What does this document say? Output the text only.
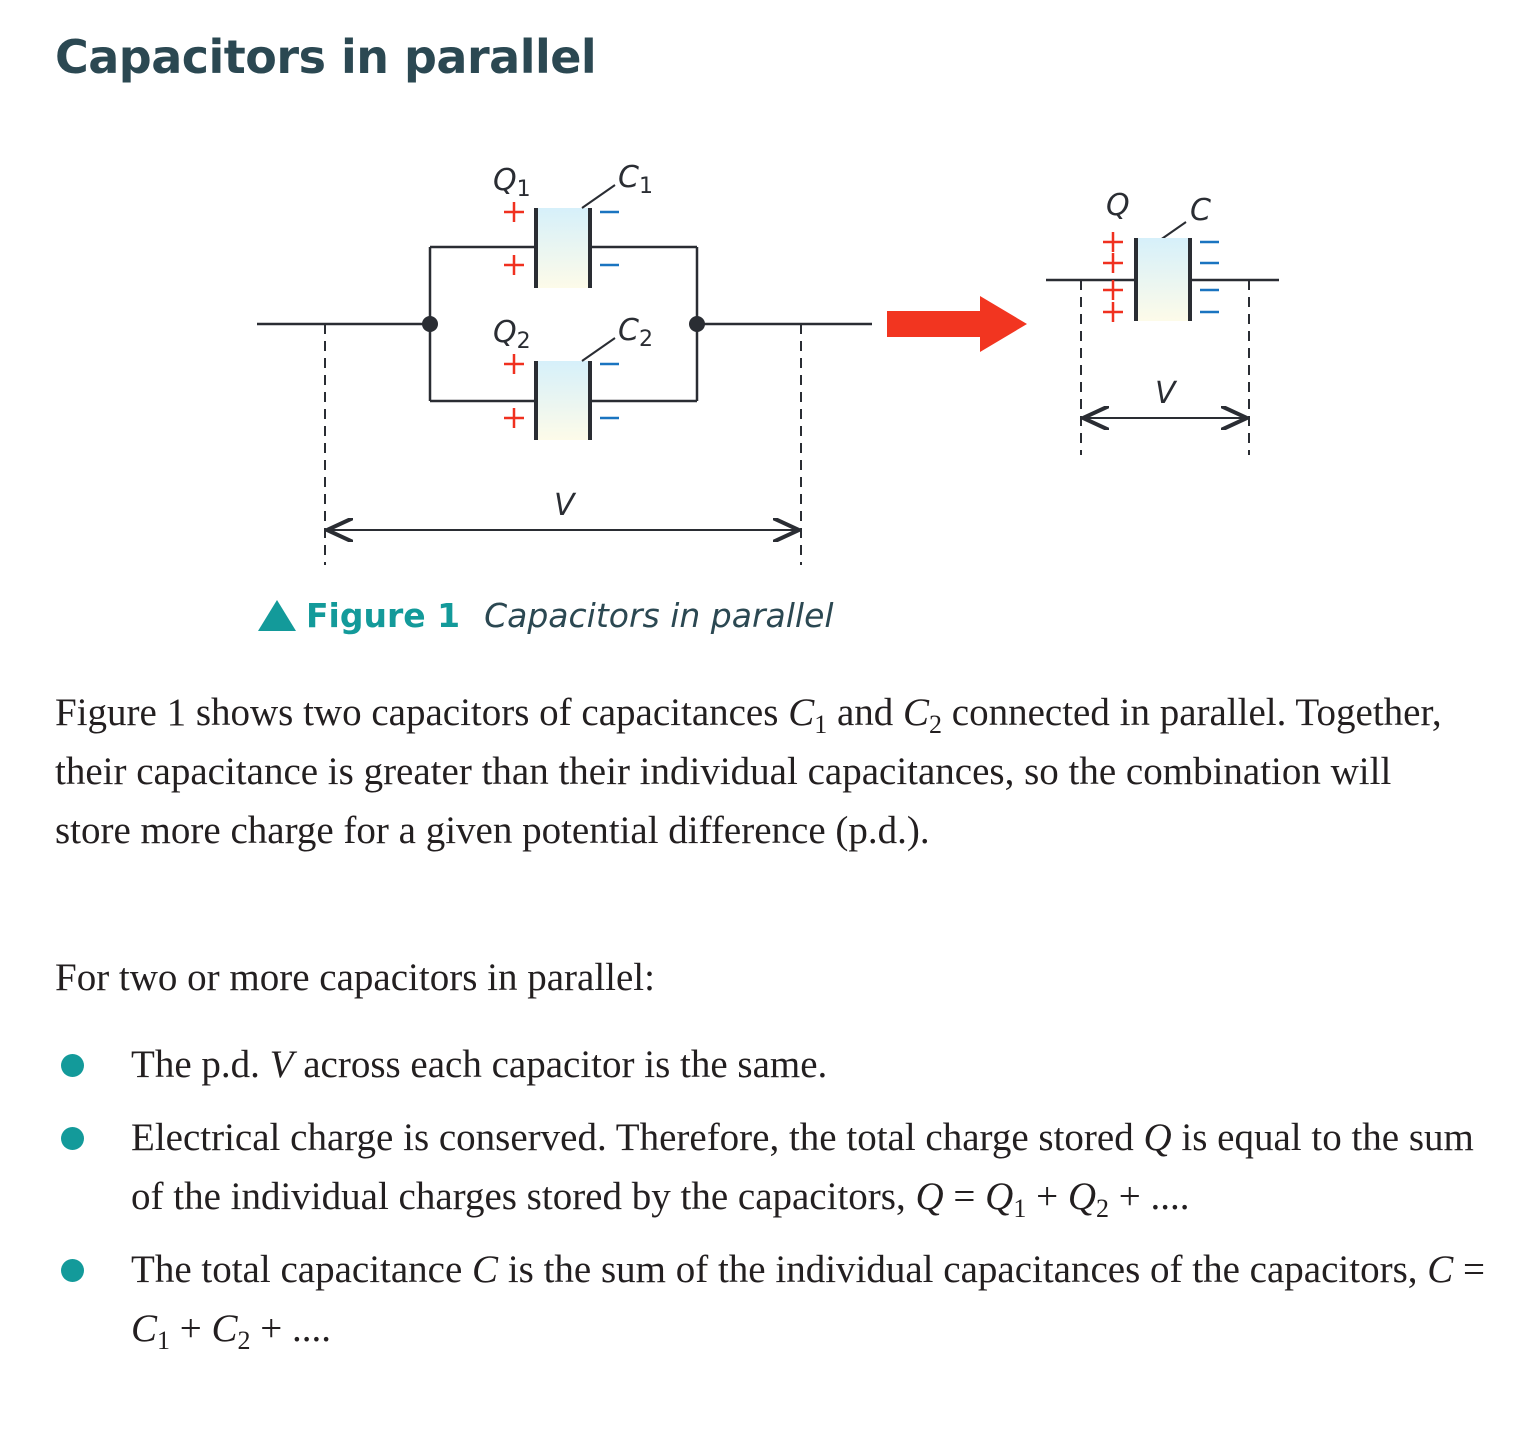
Capacitors in parallel
$Q_1$	$C_1$
$Q_2$	$C_2$
Q C
V
V
Figure 1 Capacitors in parallel

Figure 1 shows two capacitors of capacitances $C_1$ and $C_2$ connected in parallel. Together, their capacitance is greater than their individual capacitances, so the combination will store more charge for a given potential difference (p.d.).

For two or more capacitors in parallel:

The p.d. V across each capacitor is the same.
Electrical charge is conserved. Therefore, the total charge stored Q is equal to the sum of the individual charges stored by the capacitors, $Q = Q_1 + Q_2$ + ....
The total capacitance C is the sum of the individual capacitances of the capacitors, $C = C_1 + C_2$ + ....
